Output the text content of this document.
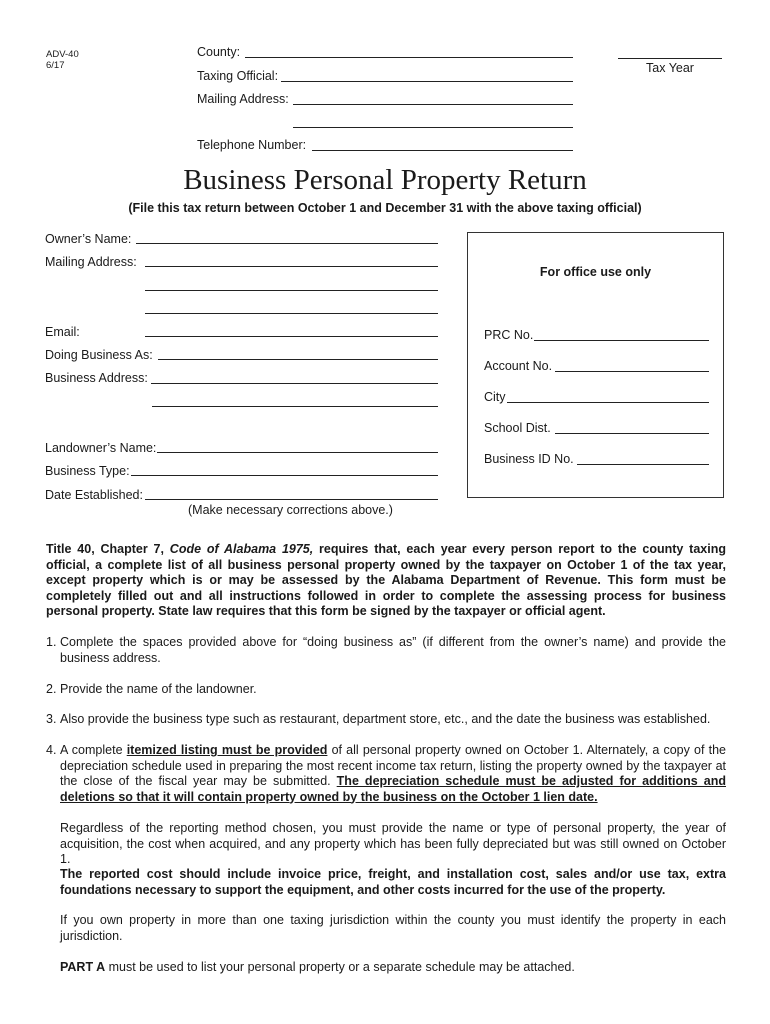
ADV-40
6/17
County:
Taxing Official:
Mailing Address:
Telephone Number:
Tax Year
Business Personal Property Return
(File this tax return between October 1 and December 31 with the above taxing official)
Owner’s Name:
Mailing Address:
Email:
Doing Business As:
Business Address:
Landowner’s Name:
Business Type:
Date Established:
(Make necessary corrections above.)
For office use only
PRC No.
Account No.
City
School Dist.
Business ID No.
Title 40, Chapter 7, Code of Alabama 1975, requires that, each year every person report to the county taxing official, a complete list of all business personal property owned by the taxpayer on October 1 of the tax year, except property which is or may be assessed by the Alabama Department of Revenue. This form must be completely filled out and all instructions followed in order to complete the assessing process for business personal property. State law requires that this form be signed by the taxpayer or official agent.
1. Complete the spaces provided above for “doing business as” (if different from the owner’s name) and provide the business address.
2. Provide the name of the landowner.
3. Also provide the business type such as restaurant, department store, etc., and the date the business was established.
4. A complete itemized listing must be provided of all personal property owned on October 1. Alternately, a copy of the depreciation schedule used in preparing the most recent income tax return, listing the property owned by the taxpayer at the close of the fiscal year may be submitted. The depreciation schedule must be adjusted for additions and deletions so that it will contain property owned by the business on the October 1 lien date.
Regardless of the reporting method chosen, you must provide the name or type of personal property, the year of acquisition, the cost when acquired, and any property which has been fully depreciated but was still owned on October 1.
The reported cost should include invoice price, freight, and installation cost, sales and/or use tax, extra foundations necessary to support the equipment, and other costs incurred for the use of the property.
If you own property in more than one taxing jurisdiction within the county you must identify the property in each jurisdiction.
PART A must be used to list your personal property or a separate schedule may be attached.
